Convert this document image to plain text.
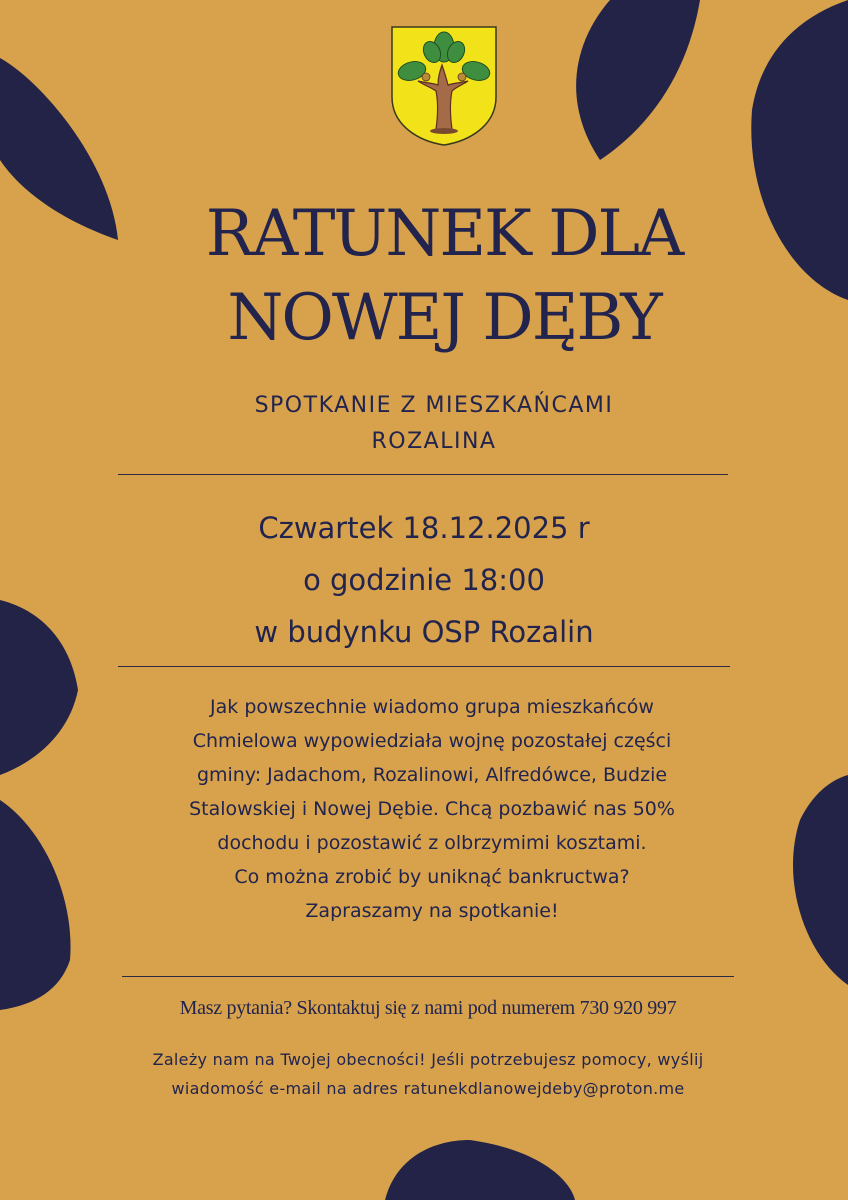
RATUNEK DLA
NOWEJ DĘBY
SPOTKANIE Z MIESZKAŃCAMI
ROZALINA
Czwartek 18.12.2025 r
o godzinie 18:00
w budynku OSP Rozalin
Jak powszechnie wiadomo grupa mieszkańców
Chmielowa wypowiedziała wojnę pozostałej części
gminy: Jadachom, Rozalinowi, Alfredówce, Budzie
Stalowskiej i Nowej Dębie. Chcą pozbawić nas 50%
dochodu i pozostawić z olbrzymimi kosztami.
Co można zrobić by uniknąć bankructwa?
Zapraszamy na spotkanie!
Masz pytania? Skontaktuj się z nami pod numerem 730 920 997
Zależy nam na Twojej obecności! Jeśli potrzebujesz pomocy, wyślij
wiadomość e-mail na adres ratunekdlanowejdeby@proton.me
